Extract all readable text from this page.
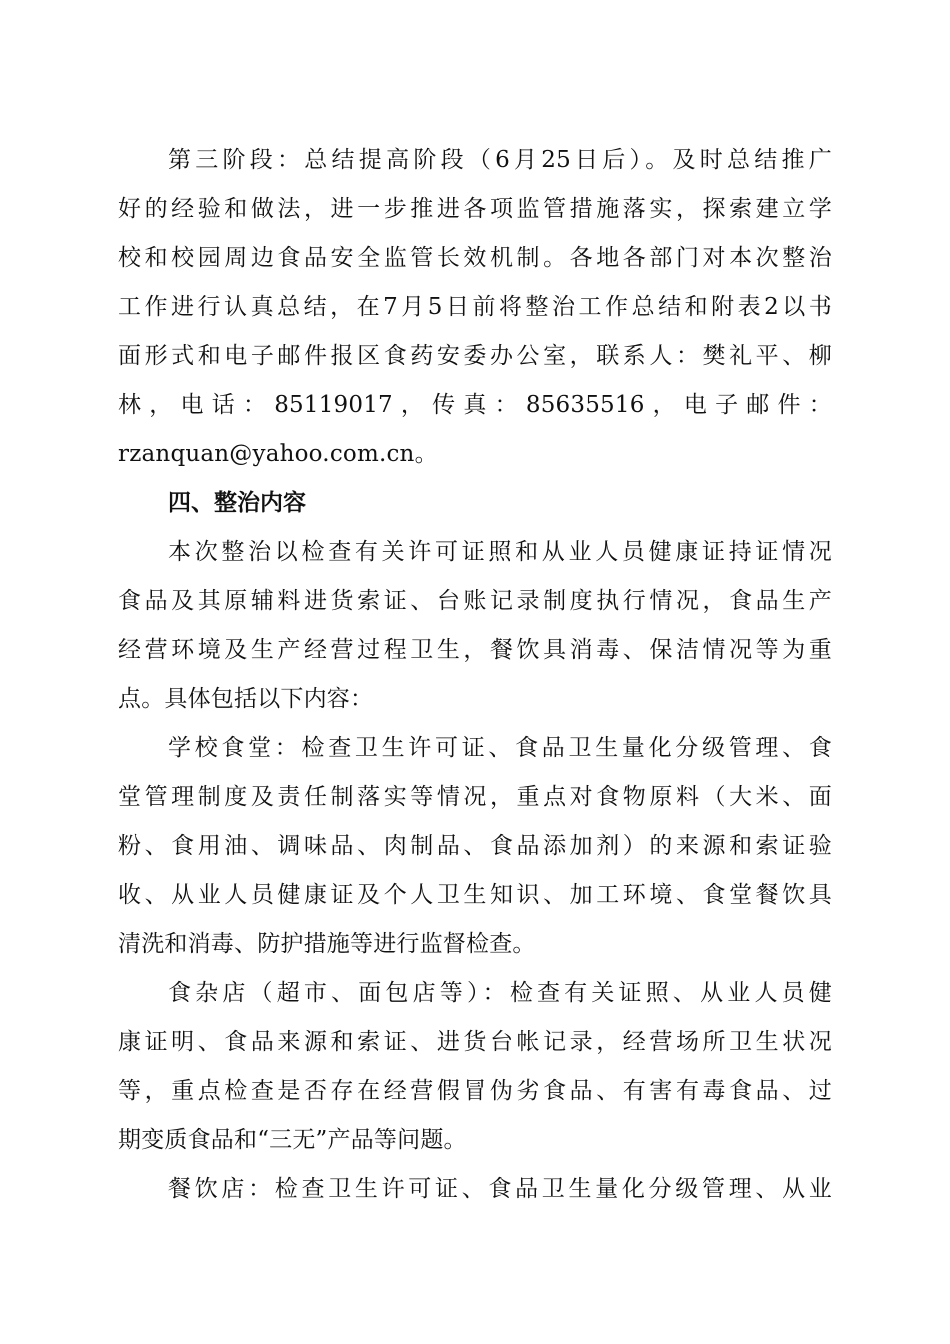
第三阶段：总结提高阶段（6月25日后）。及时总结推广
好的经验和做法，进一步推进各项监管措施落实，探索建立学
校和校园周边食品安全监管长效机制。各地各部门对本次整治
工作进行认真总结，在7月5日前将整治工作总结和附表2以书
面形式和电子邮件报区食药安委办公室，联系人：樊礼平、柳
林，电话：85119017，传真：85635516，电子邮件：
rzanquan@yahoo.com.cn。
四、整治内容
本次整治以检查有关许可证照和从业人员健康证持证情况
食品及其原辅料进货索证、台账记录制度执行情况，食品生产
经营环境及生产经营过程卫生，餐饮具消毒、保洁情况等为重
点。具体包括以下内容：
学校食堂：检查卫生许可证、食品卫生量化分级管理、食
堂管理制度及责任制落实等情况，重点对食物原料（大米、面
粉、食用油、调味品、肉制品、食品添加剂）的来源和索证验
收、从业人员健康证及个人卫生知识、加工环境、食堂餐饮具
清洗和消毒、防护措施等进行监督检查。
食杂店（超市、面包店等）：检查有关证照、从业人员健
康证明、食品来源和索证、进货台帐记录，经营场所卫生状况
等，重点检查是否存在经营假冒伪劣食品、有害有毒食品、过
期变质食品和“三无”产品等问题。
餐饮店：检查卫生许可证、食品卫生量化分级管理、从业
